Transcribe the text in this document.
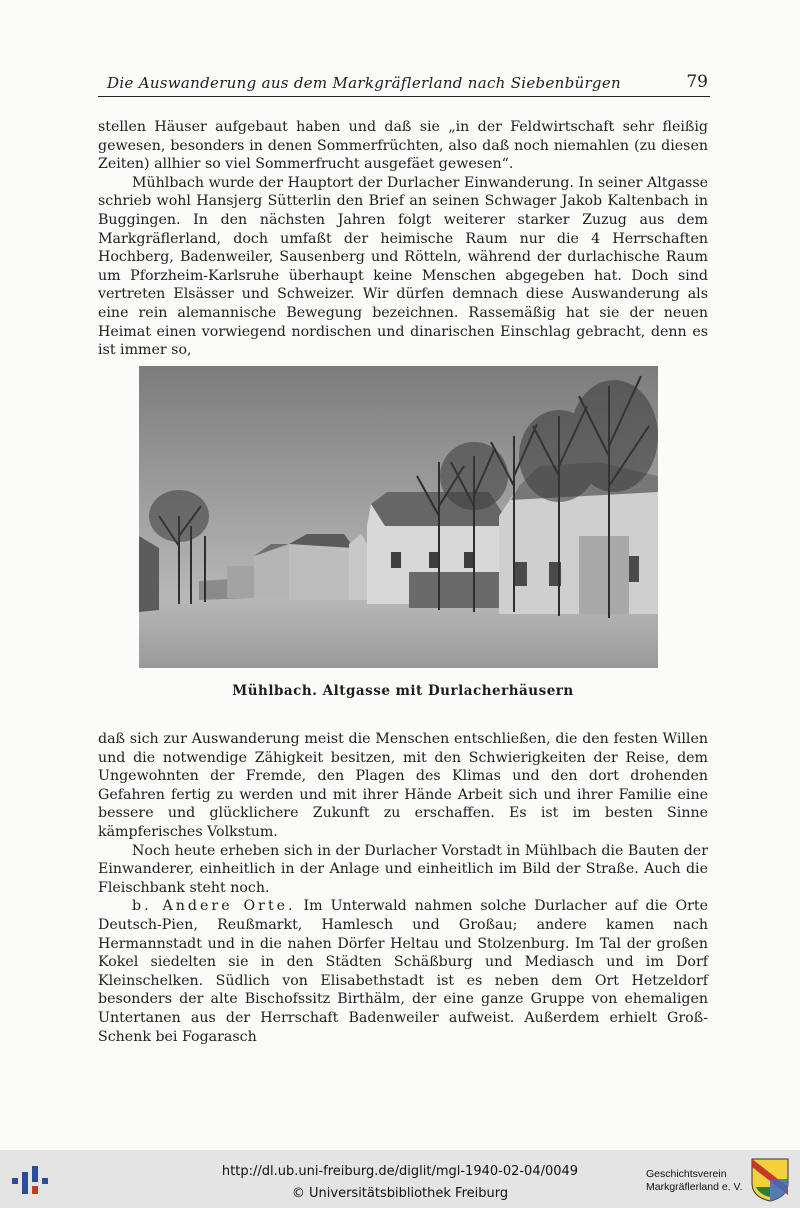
Die Auswanderung aus dem Markgräflerland nach Siebenbürgen	79

stellen Häuser aufgebaut haben und daß sie „in der Feldwirtschaft sehr fleißig gewesen, besonders in denen Sommerfrüchten, also daß noch niemahlen (zu diesen Zeiten) allhier so viel Sommerfrucht ausgefäet gewesen“.

Mühlbach wurde der Hauptort der Durlacher Einwanderung. In seiner Altgasse schrieb wohl Hansjerg Sütterlin den Brief an seinen Schwager Jakob Kaltenbach in Buggingen. In den nächsten Jahren folgt weiterer starker Zuzug aus dem Markgräflerland, doch umfaßt der heimische Raum nur die 4 Herrschaften Hochberg, Badenweiler, Sausenberg und Rötteln, während der durlachische Raum um Pforzheim-Karlsruhe überhaupt keine Menschen abgegeben hat. Doch sind vertreten Elsässer und Schweizer. Wir dürfen demnach diese Auswanderung als eine rein alemannische Bewegung bezeichnen. Rassemäßig hat sie der neuen Heimat einen vorwiegend nordischen und dinarischen Einschlag gebracht, denn es ist immer so,

Mühlbach. Altgasse mit Durlacherhäusern

daß sich zur Auswanderung meist die Menschen entschließen, die den festen Willen und die notwendige Zähigkeit besitzen, mit den Schwierigkeiten der Reise, dem Ungewohnten der Fremde, den Plagen des Klimas und den dort drohenden Gefahren fertig zu werden und mit ihrer Hände Arbeit sich und ihrer Familie eine bessere und glücklichere Zukunft zu erschaffen. Es ist im besten Sinne kämpferisches Volkstum.

Noch heute erheben sich in der Durlacher Vorstadt in Mühlbach die Bauten der Einwanderer, einheitlich in der Anlage und einheitlich im Bild der Straße. Auch die Fleischbank steht noch.

b. Andere Orte. Im Unterwald nahmen solche Durlacher auf die Orte Deutsch-Pien, Reußmarkt, Hamlesch und Großau; andere kamen nach Hermannstadt und in die nahen Dörfer Heltau und Stolzenburg. Im Tal der großen Kokel siedelten sie in den Städten Schäßburg und Mediasch und im Dorf Kleinschelken. Südlich von Elisabethstadt ist es neben dem Ort Hetzeldorf besonders der alte Bischofssitz Birthälm, der eine ganze Gruppe von ehemaligen Untertanen aus der Herrschaft Badenweiler aufweist. Außerdem erhielt Groß-Schenk bei Fogarasch

http://dl.ub.uni-freiburg.de/diglit/mgl-1940-02-04/0049
© Universitätsbibliothek Freiburg
Geschichtsverein
Markgräflerland e. V.
